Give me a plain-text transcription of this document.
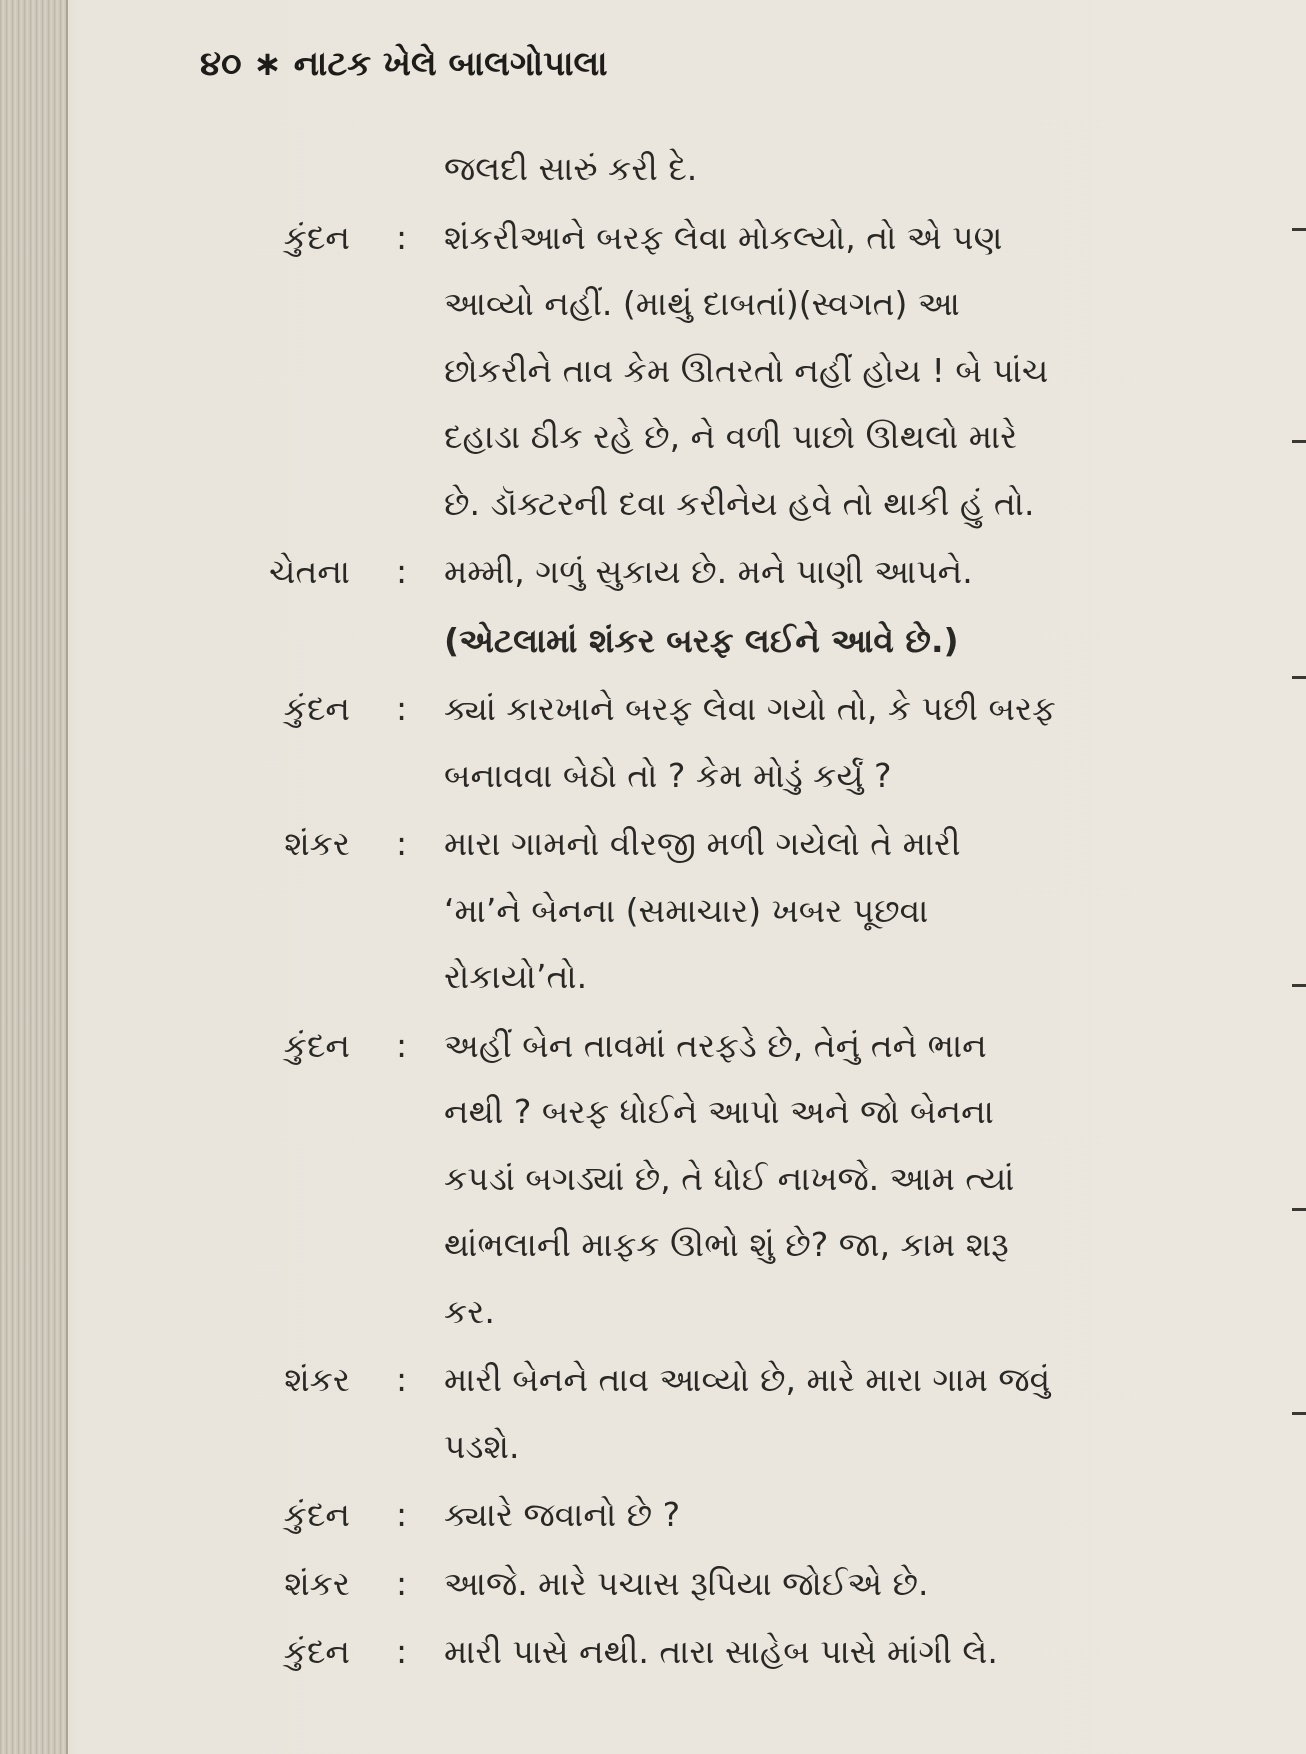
૪૦ ∗ નાટક ખેલે બાલગોપાલા
જલદી સારું કરી દે.
કુંદન : શંકરીઆને બરફ લેવા મોકલ્યો, તો એ પણ
આવ્યો નહીં. (માથું દાબતાં)(સ્વગત) આ
છોકરીને તાવ કેમ ઊતરતો નહીં હોય ! બે પાંચ
દહાડા ઠીક રહે છે, ને વળી પાછો ઊથલો મારે
છે. ડૉક્ટરની દવા કરીનેય હવે તો થાકી હું તો.
ચેતના : મમ્મી, ગળું સુકાય છે. મને પાણી આપને.
(એટલામાં શંકર બરફ લઈને આવે છે.)
કુંદન : ક્યાં કારખાને બરફ લેવા ગયો તો, કે પછી બરફ
બનાવવા બેઠો તો ? કેમ મોડું કર્યું ?
શંકર : મારા ગામનો વીરજી મળી ગયેલો તે મારી
‘મા’ને બેનના (સમાચાર) ખબર પૂછવા
રોકાયો’તો.
કુંદન : અહીં બેન તાવમાં તરફડે છે, તેનું તને ભાન
નથી ? બરફ ધોઈને આપો અને જો બેનના
કપડાં બગડ્યાં છે, તે ધોઈ નાખજે. આમ ત્યાં
થાંભલાની માફક ઊભો શું છે? જા, કામ શરૂ
કર.
શંકર : મારી બેનને તાવ આવ્યો છે, મારે મારા ગામ જવું
પડશે.
કુંદન : ક્યારે જવાનો છે ?
શંકર : આજે. મારે પચાસ રૂપિયા જોઈએ છે.
કુંદન : મારી પાસે નથી. તારા સાહેબ પાસે માંગી લે.
